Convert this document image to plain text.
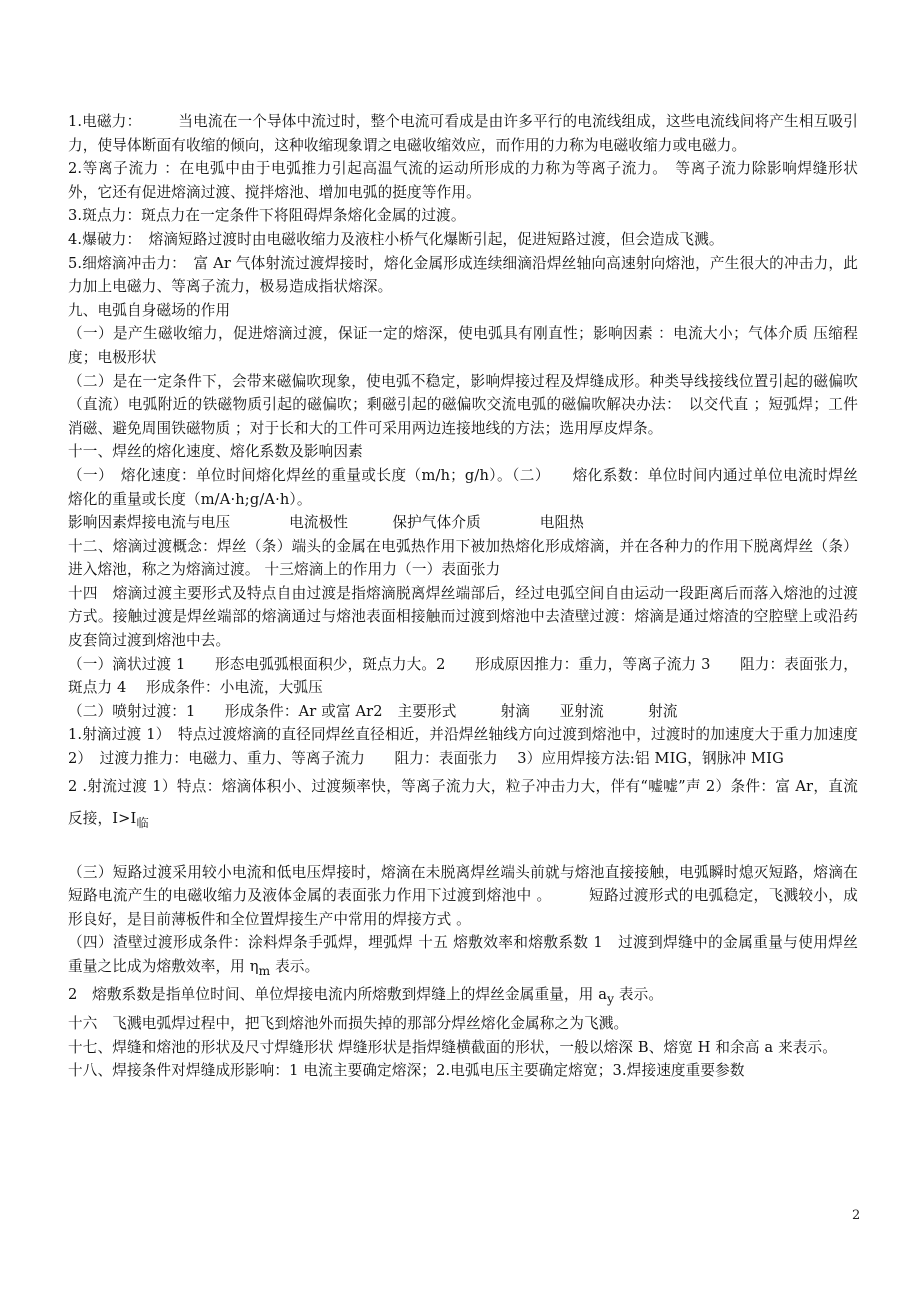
1.电磁力：　　　当电流在一个导体中流过时，整个电流可看成是由许多平行的电流线组成，这些电流线间将产生相互吸引力，使导体断面有收缩的倾向，这种收缩现象谓之电磁收缩效应，而作用的力称为电磁收缩力或电磁力。

2.等离子流力 ：在电弧中由于电弧推力引起高温气流的运动所形成的力称为等离子流力。　等离子流力除影响焊缝形状外，它还有促进熔滴过渡、搅拌熔池、增加电弧的挺度等作用。

3.斑点力：斑点力在一定条件下将阻碍焊条熔化金属的过渡。

4.爆破力：　熔滴短路过渡时由电磁收缩力及液柱小桥气化爆断引起，促进短路过渡，但会造成飞溅。

5.细熔滴冲击力：　富 Ar 气体射流过渡焊接时，熔化金属形成连续细滴沿焊丝轴向高速射向熔池，产生很大的冲击力，此力加上电磁力、等离子流力，极易造成指状熔深。

九、电弧自身磁场的作用

（一）是产生磁收缩力，促进熔滴过渡，保证一定的熔深，使电弧具有刚直性；影响因素 ：电流大小；气体介质 压缩程度；电极形状

（二）是在一定条件下，会带来磁偏吹现象，使电弧不稳定，影响焊接过程及焊缝成形。种类导线接线位置引起的磁偏吹（直流）电弧附近的铁磁物质引起的磁偏吹；剩磁引起的磁偏吹交流电弧的磁偏吹解决办法：　以交代直 ；短弧焊；工件消磁、避免周围铁磁物质 ；对于长和大的工件可采用两边连接地线的方法；选用厚皮焊条。

十一、焊丝的熔化速度、熔化系数及影响因素

（一）　熔化速度：单位时间熔化焊丝的重量或长度（m/h；g/h）。（二）　　熔化系数：单位时间内通过单位电流时焊丝熔化的重量或长度（m/A·h;g/A·h）。

影响因素焊接电流与电压　　　　电流极性　　　保护气体介质　　　　电阻热

十二、熔滴过渡概念：焊丝（条）端头的金属在电弧热作用下被加热熔化形成熔滴，并在各种力的作用下脱离焊丝（条）进入熔池，称之为熔滴过渡。 十三熔滴上的作用力（一）表面张力

十四　熔滴过渡主要形式及特点自由过渡是指熔滴脱离焊丝端部后，经过电弧空间自由运动一段距离后而落入熔池的过渡方式。接触过渡是焊丝端部的熔滴通过与熔池表面相接触而过渡到熔池中去渣壁过渡：熔滴是通过熔渣的空腔壁上或沿药皮套筒过渡到熔池中去。

（一）滴状过渡 1　　形态电弧弧根面积少，斑点力大。2　　形成原因推力：重力，等离子流力 3　　阻力：表面张力，斑点力 4　 形成条件：小电流，大弧压

（二）喷射过渡：1　　形成条件：Ar 或富 Ar2　主要形式　　　射滴　　亚射流　　　射流

1.射滴过渡 1）　特点过渡熔滴的直径同焊丝直径相近，并沿焊丝轴线方向过渡到熔池中，过渡时的加速度大于重力加速度 2）　过渡力推力：电磁力、重力、等离子流力　　阻力：表面张力　 3）应用焊接方法:铝 MIG，钢脉冲 MIG

2 .射流过渡 1）特点：熔滴体积小、过渡频率快，等离子流力大，粒子冲击力大，伴有“嘘嘘”声 2）条件：富 Ar，直流反接，$I>I_临$

（三）短路过渡采用较小电流和低电压焊接时，熔滴在未脱离焊丝端头前就与熔池直接接触，电弧瞬时熄灭短路，熔滴在短路电流产生的电磁收缩力及液体金属的表面张力作用下过渡到熔池中 。　　　短路过渡形式的电弧稳定，飞溅较小，成形良好，是目前薄板件和全位置焊接生产中常用的焊接方式 。

（四）渣壁过渡形成条件：涂料焊条手弧焊，埋弧焊 十五 熔敷效率和熔敷系数 1　过渡到焊缝中的金属重量与使用焊丝重量之比成为熔敷效率，用 $\eta_m$ 表示。

2　熔敷系数是指单位时间、单位焊接电流内所熔敷到焊缝上的焊丝金属重量，用 $a_y$ 表示。

十六　飞溅电弧焊过程中，把飞到熔池外而损失掉的那部分焊丝熔化金属称之为飞溅。

十七、焊缝和熔池的形状及尺寸焊缝形状 焊缝形状是指焊缝横截面的形状，一般以熔深 B、熔宽 H 和余高 a 来表示。

十八、焊接条件对焊缝成形影响：1 电流主要确定熔深；2.电弧电压主要确定熔宽；3.焊接速度重要参数

2
